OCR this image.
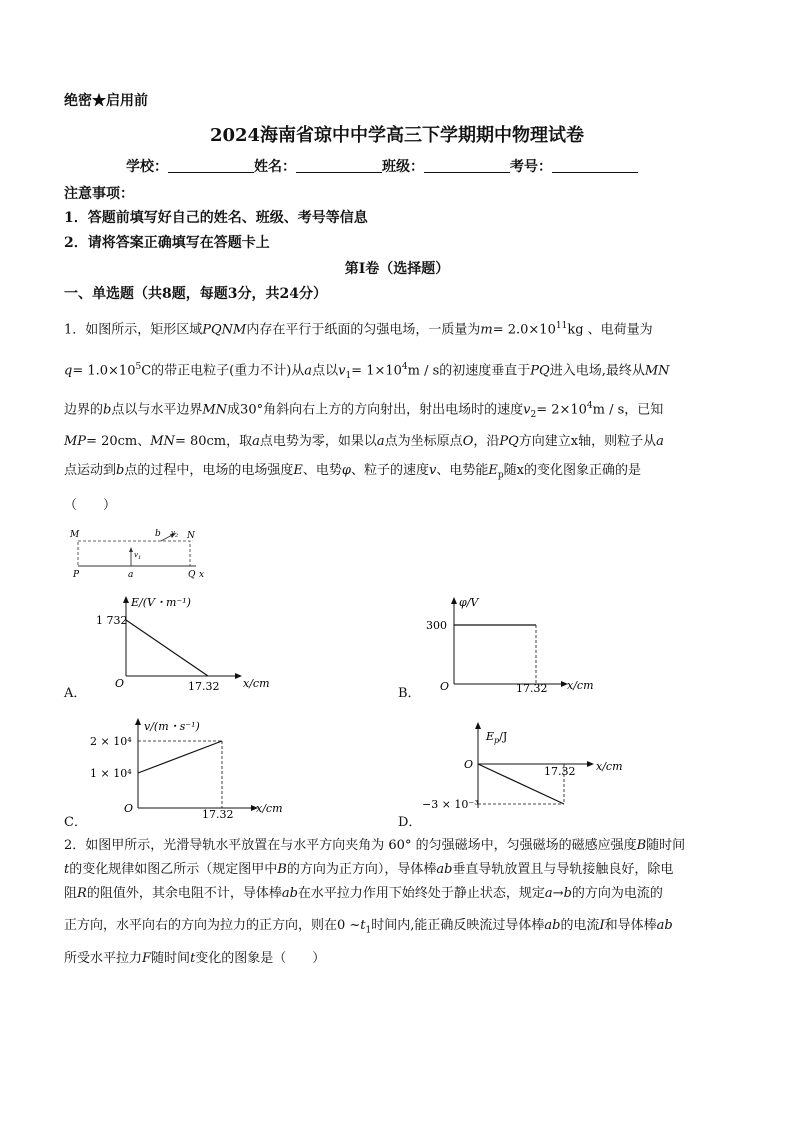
绝密★启用前
2024海南省琼中中学高三下学期期中物理试卷
学校：	姓名：	班级：	考号：
注意事项：
1．答题前填写好自己的姓名、班级、考号等信息
2．请将答案正确填写在答题卡上
第Ⅰ卷（选择题）
一、单选题（共8题，每题3分，共24分）
1．如图所示，矩形区域PQNM内存在平行于纸面的匀强电场，一质量为$m= 2.0\times 10^{11}kg$ 、电荷量为
$q= 1.0\times 10^5C$的带正电粒子(重力不计)从a点以$v_1= 1\times 10^4m / s$的初速度垂直于PQ进入电场,最终从MN
边界的b点以与水平边界MN成30°角斜向右上方的方向射出，射出电场时的速度$v_2= 2\times 10^4m / s$，已知
MP= 20cm、MN= 80cm，取a点电势为零，如果以a点为坐标原点O，沿PQ方向建立x轴，则粒子从a
点运动到b点的过程中，电场的电场强度E、电势φ、粒子的速度v、电势能$E_p$随x的变化图象正确的是
（　　）
M	N
P	Q x
a
b
$v_1$
$v_2$
A．
E/(V・m⁻¹)
1 732
O	17.32 x/cm
B．
φ/V
300
O	17.32 x/cm
C．
v/(m・s⁻¹)
2 × 10⁴
1 × 10⁴
O	17.32 x/cm
D．
$E_p/J$
−3 × 10⁻³
O
17.32 x/cm
2．如图甲所示，光滑导轨水平放置在与水平方向夹角为 60° 的匀强磁场中，匀强磁场的磁感应强度B随时间
t的变化规律如图乙所示（规定图甲中B的方向为正方向），导体棒ab垂直导轨放置且与导轨接触良好，除电
阻R的阻值外，其余电阻不计，导体棒ab在水平拉力作用下始终处于静止状态，规定a→b的方向为电流的
正方向，水平向右的方向为拉力的正方向，则在0 $\sim t_1$时间内,能正确反映流过导体棒ab的电流I和导体棒ab
所受水平拉力F随时间t变化的图象是（　　）
